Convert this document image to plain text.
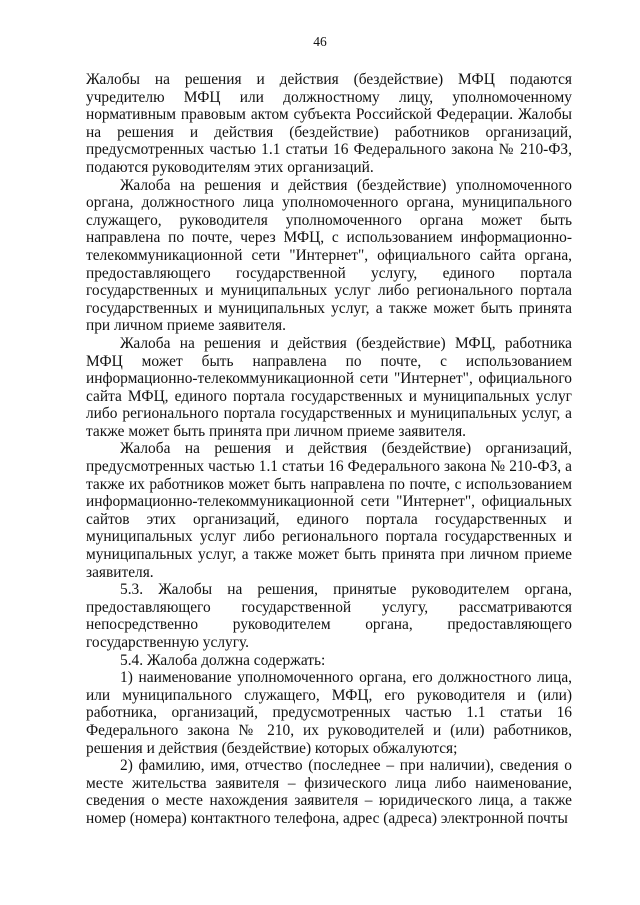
46

Жалобы на решения и действия (бездействие) МФЦ подаются учредителю МФЦ или должностному лицу, уполномоченному нормативным правовым актом субъекта Российской Федерации. Жалобы на решения и действия (бездействие) работников организаций, предусмотренных частью 1.1 статьи 16 Федерального закона № 210-ФЗ, подаются руководителям этих организаций.

Жалоба на решения и действия (бездействие) уполномоченного органа, должностного лица уполномоченного органа, муниципального служащего, руководителя уполномоченного органа может быть направлена по почте, через МФЦ, с использованием информационно-телекоммуникационной сети "Интернет", официального сайта органа, предоставляющего государственной услугу, единого портала государственных и муниципальных услуг либо регионального портала государственных и муниципальных услуг, а также может быть принята при личном приеме заявителя.

Жалоба на решения и действия (бездействие) МФЦ, работника МФЦ может быть направлена по почте, с использованием информационно-телекоммуникационной сети "Интернет", официального сайта МФЦ, единого портала государственных и муниципальных услуг либо регионального портала государственных и муниципальных услуг, а также может быть принята при личном приеме заявителя.

Жалоба на решения и действия (бездействие) организаций, предусмотренных частью 1.1 статьи 16 Федерального закона № 210-ФЗ, а также их работников может быть направлена по почте, с использованием информационно-телекоммуникационной сети "Интернет", официальных сайтов этих организаций, единого портала государственных и муниципальных услуг либо регионального портала государственных и муниципальных услуг, а также может быть принята при личном приеме заявителя.

5.3. Жалобы на решения, принятые руководителем органа, предоставляющего государственной услугу, рассматриваются непосредственно руководителем органа, предоставляющего государственную услугу.

5.4. Жалоба должна содержать:

1) наименование уполномоченного органа, его должностного лица, или муниципального служащего, МФЦ, его руководителя и (или) работника, организаций, предусмотренных частью 1.1 статьи 16 Федерального закона № 210, их руководителей и (или) работников, решения и действия (бездействие) которых обжалуются;

2) фамилию, имя, отчество (последнее – при наличии), сведения о месте жительства заявителя – физического лица либо наименование, сведения о месте нахождения заявителя – юридического лица, а также номер (номера) контактного телефона, адрес (адреса) электронной почты
